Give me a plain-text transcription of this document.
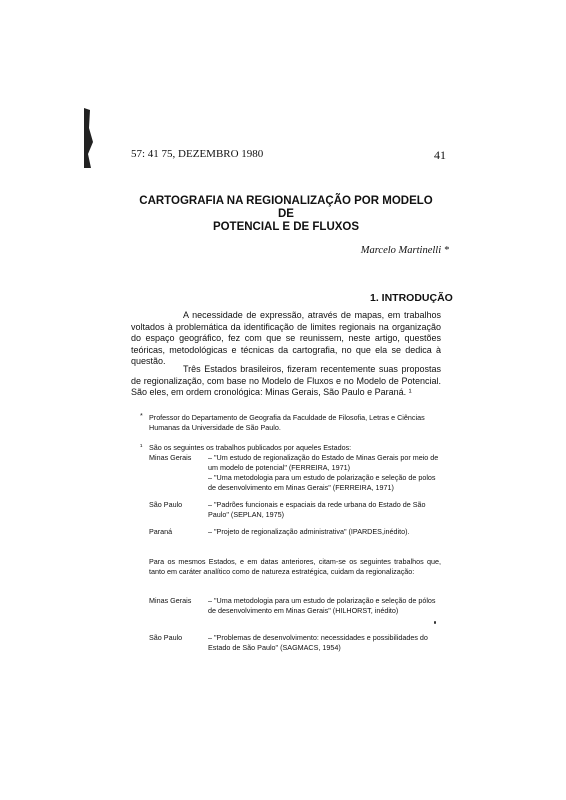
57: 41 75, DEZEMBRO 1980	41
CARTOGRAFIA NA REGIONALIZAÇÃO POR MODELO DE
POTENCIAL E DE FLUXOS
Marcelo Martinelli *
1. INTRODUÇÃO
A necessidade de expressão, através de mapas, em trabalhos voltados à problemática da identificação de limites regionais na organização do espaço geográfico, fez com que se reunissem, neste artigo, questões teóricas, metodológicas e técnicas da cartografia, no que ela se dedica à questão.
Três Estados brasileiros, fizeram recentemente suas propostas de regionalização, com base no Modelo de Fluxos e no Modelo de Potencial. São eles, em ordem cronológica: Minas Gerais, São Paulo e Paraná. ¹
* Professor do Departamento de Geografia da Faculdade de Filosofia, Letras e Ciências Humanas da Universidade de São Paulo.
¹ São os seguintes os trabalhos publicados por aqueles Estados:
Minas Gerais – "Um estudo de regionalização do Estado de Minas Gerais por meio de um modelo de potencial" (FERREIRA, 1971)
– "Uma metodologia para um estudo de polarização e seleção de polos de desenvolvimento em Minas Gerais" (FERREIRA, 1971)
São Paulo	– "Padrões funcionais e espaciais da rede urbana do Estado de São Paulo" (SEPLAN, 1975)
Paraná	– "Projeto de regionalização administrativa" (IPARDES,inédito).
Para os mesmos Estados, e em datas anteriores, citam-se os seguintes trabalhos que, tanto em caráter analítico como de natureza estratégica, cuidam da regionalização:
Minas Gerais – "Uma metodologia para um estudo de polarização e seleção de pólos de desenvolvimento em Minas Gerais" (HILHORST, inédito)
São Paulo	– "Problemas de desenvolvimento: necessidades e possibilidades do Estado de São Paulo" (SAGMACS, 1954)
